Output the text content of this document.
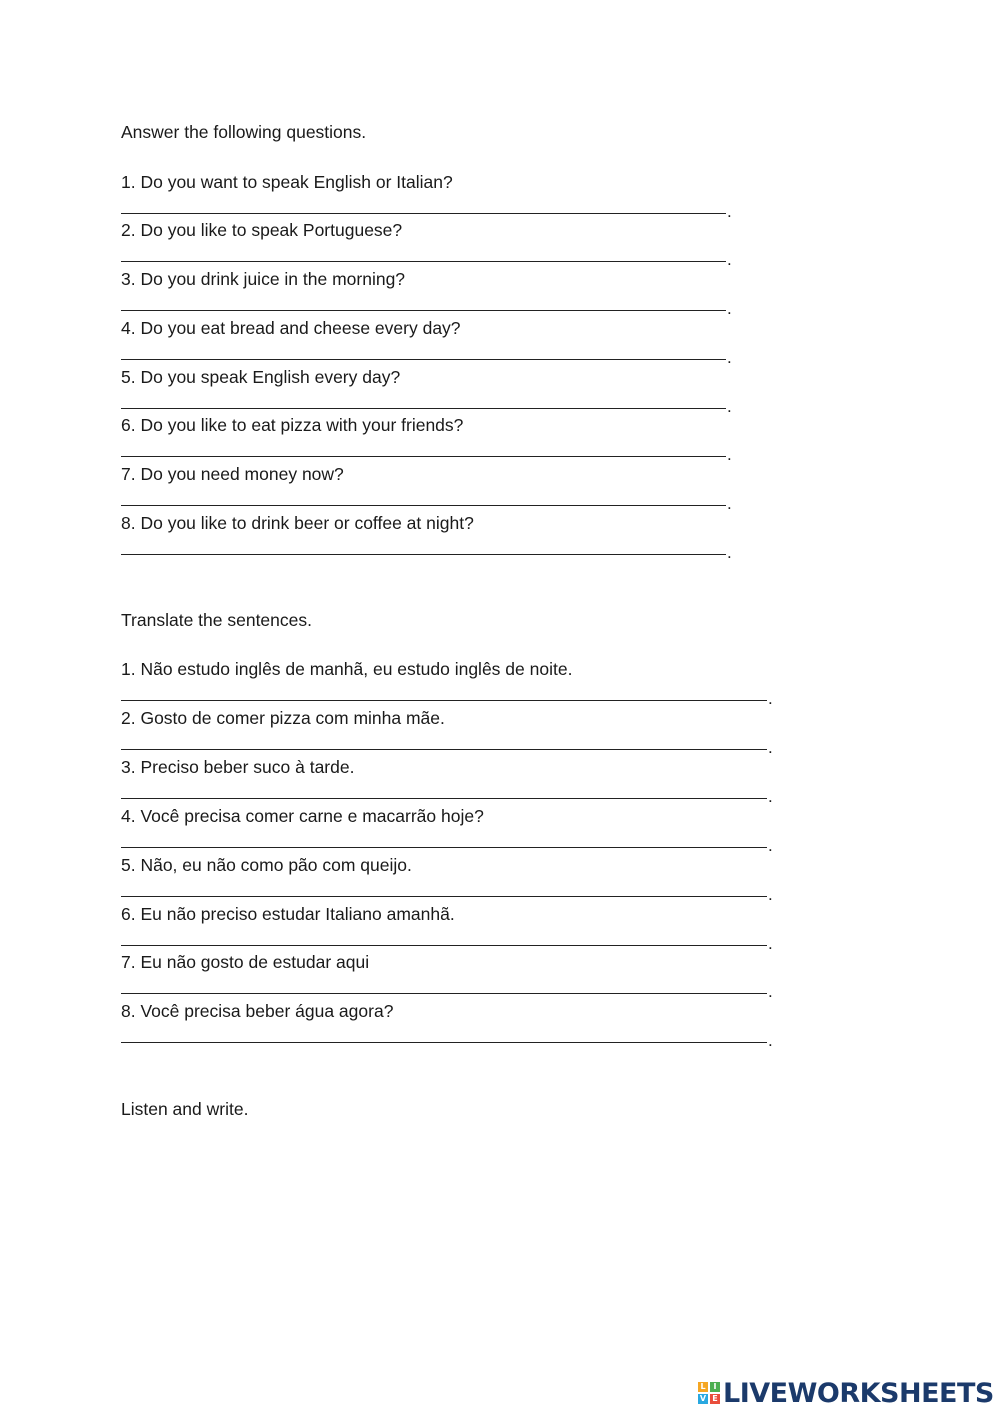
Answer the following questions.
1. Do you want to speak English or Italian?
.
2. Do you like to speak Portuguese?
.
3. Do you drink juice in the morning?
.
4. Do you eat bread and cheese every day?
.
5. Do you speak English every day?
.
6. Do you like to eat pizza with your friends?
.
7. Do you need money now?
.
8. Do you like to drink beer or coffee at night?
.
Translate the sentences.
1. Não estudo inglês de manhã, eu estudo inglês de noite.
.
2. Gosto de comer pizza com minha mãe.
.
3. Preciso beber suco à tarde.
.
4. Você precisa comer carne e macarrão hoje?
.
5. Não, eu não como pão com queijo.
.
6. Eu não preciso estudar Italiano amanhã.
.
7. Eu não gosto de estudar aqui
.
8. Você precisa beber água agora?
.
Listen and write.
L I
V E LIVEWORKSHEETS
